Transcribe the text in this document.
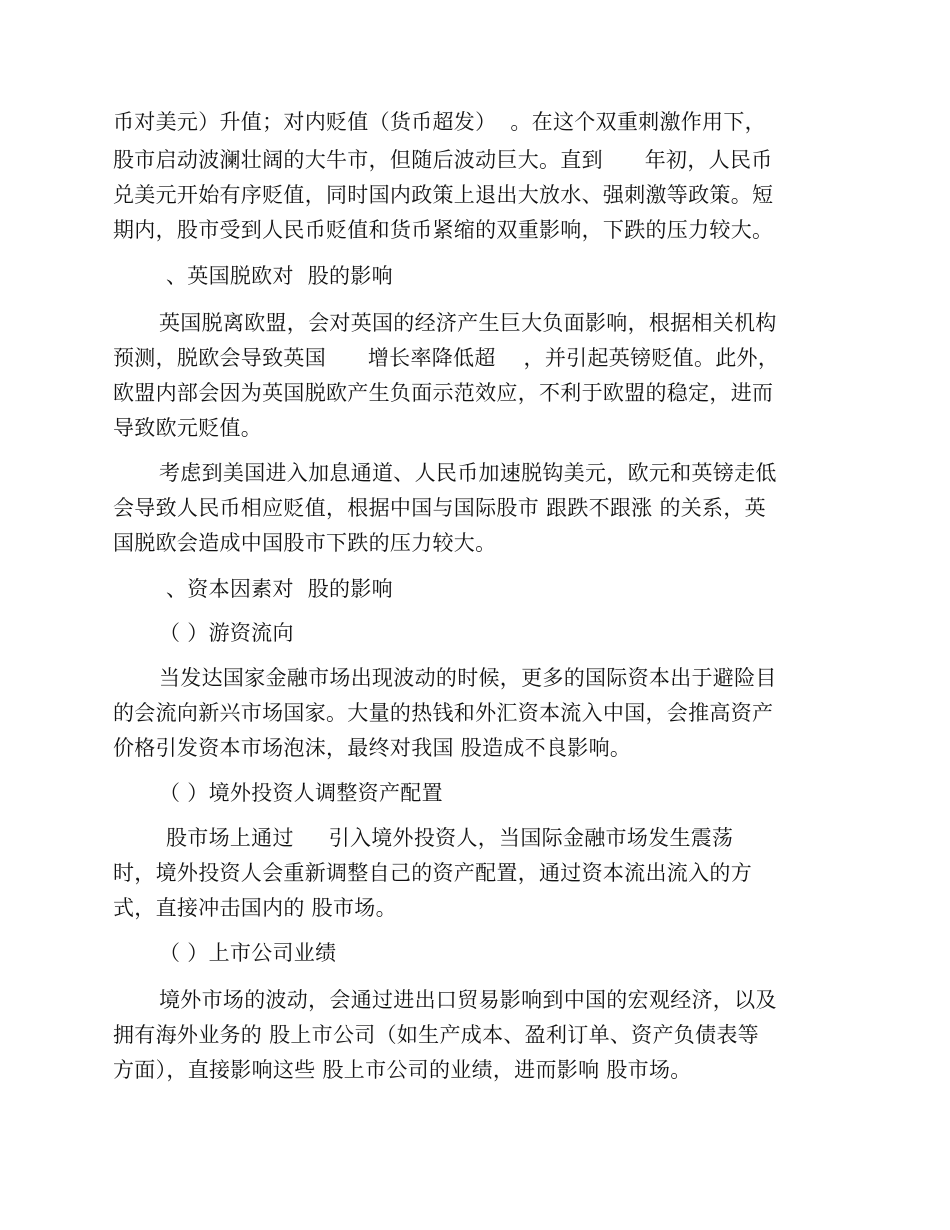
币对美元）升值；对内贬值（货币超发）  。在这个双重刺激作用下，
股市启动波澜壮阔的大牛市，但随后波动巨大。直到      年初，人民币
兑美元开始有序贬值，同时国内政策上退出大放水、强刺激等政策。短
期内，股市受到人民币贬值和货币紧缩的双重影响，下跌的压力较大。
、英国脱欧对  股的影响
英国脱离欧盟，会对英国的经济产生巨大负面影响，根据相关机构
预测，脱欧会导致英国      增长率降低超    ，并引起英镑贬值。此外，
欧盟内部会因为英国脱欧产生负面示范效应，不利于欧盟的稳定，进而
导致欧元贬值。
考虑到美国进入加息通道、人民币加速脱钩美元，欧元和英镑走低
会导致人民币相应贬值，根据中国与国际股市 跟跌不跟涨 的关系，英
国脱欧会造成中国股市下跌的压力较大。
、资本因素对  股的影响
（ ）游资流向
当发达国家金融市场出现波动的时候，更多的国际资本出于避险目
的会流向新兴市场国家。大量的热钱和外汇资本流入中国，会推高资产
价格引发资本市场泡沫，最终对我国 股造成不良影响。
（ ）境外投资人调整资产配置
股市场上通过     引入境外投资人，当国际金融市场发生震荡
时，境外投资人会重新调整自己的资产配置，通过资本流出流入的方
式，直接冲击国内的 股市场。
（ ）上市公司业绩
境外市场的波动，会通过进出口贸易影响到中国的宏观经济，以及
拥有海外业务的 股上市公司（如生产成本、盈利订单、资产负债表等
方面），直接影响这些 股上市公司的业绩，进而影响 股市场。
